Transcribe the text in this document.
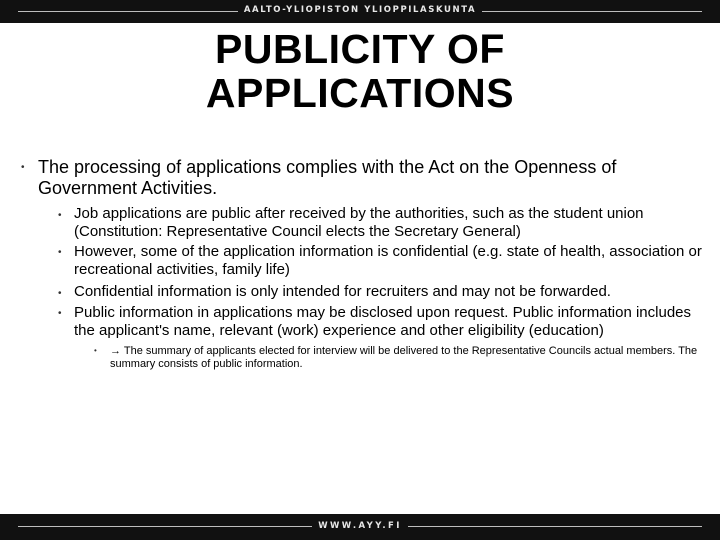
AALTO-YLIOPISTON YLIOPPILASKUNTA
PUBLICITY OF
APPLICATIONS
• The processing of applications complies with the Act on the Openness of Government Activities.
• Job applications are public after received by the authorities, such as the student union (Constitution: Representative Council elects the Secretary General)
• However, some of the application information is confidential (e.g. state of health, association or recreational activities, family life)
• Confidential information is only intended for recruiters and may not be forwarded.
• Public information in applications may be disclosed upon request. Public information includes the applicant's name, relevant (work) experience and other eligibility (education)
• → The summary of applicants elected for interview will be delivered to the Representative Councils actual members. The summary consists of public information.
WWW.AYY.FI
